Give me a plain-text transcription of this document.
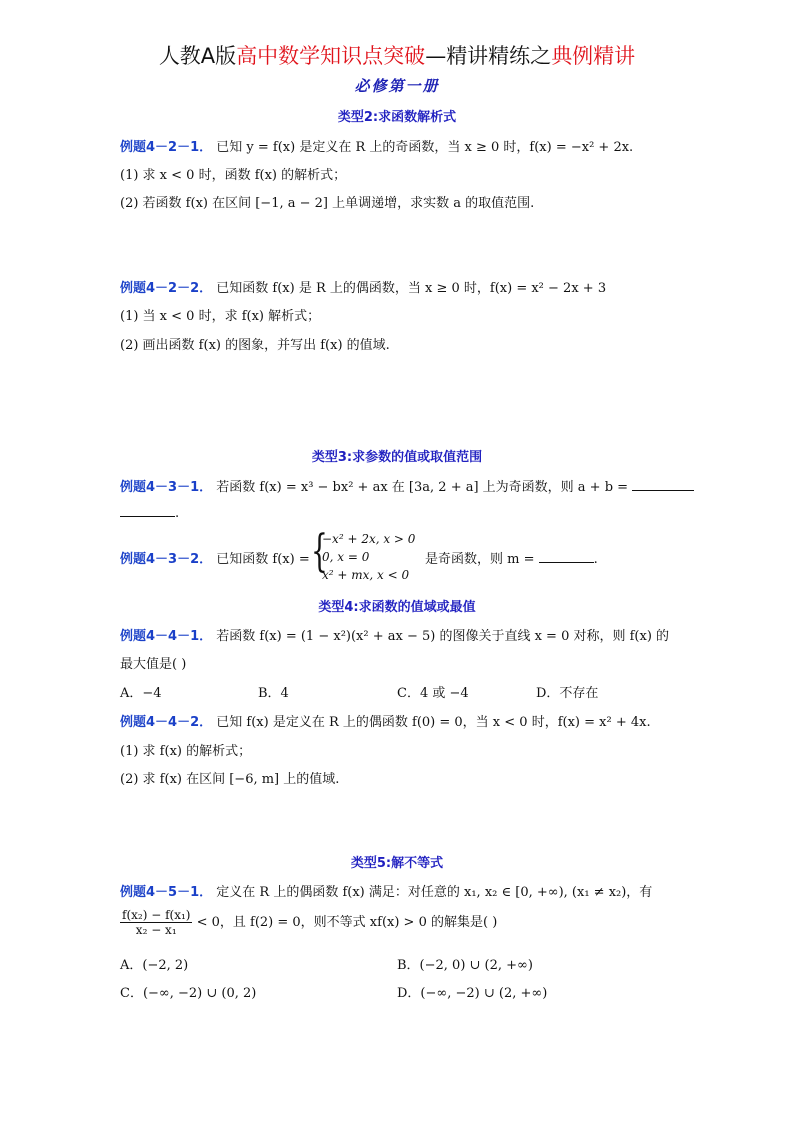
人教A版高中数学知识点突破—精讲精练之典例精讲
必修第一册
类型2:求函数解析式
例题4－2－1． 已知 y = f(x) 是定义在 R 上的奇函数，当 x ≥ 0 时，f(x) = −x² + 2x.
(1) 求 x < 0 时，函数 f(x) 的解析式；
(2) 若函数 f(x) 在区间 [−1, a − 2] 上单调递增，求实数 a 的取值范围.
例题4－2－2． 已知函数 f(x) 是 R 上的偶函数，当 x ≥ 0 时，f(x) = x² − 2x + 3
(1) 当 x < 0 时，求 f(x) 解析式；
(2) 画出函数 f(x) 的图象，并写出 f(x) 的值域.
类型3:求参数的值或取值范围
例题4－3－1． 若函数 f(x) = x³ − bx² + ax 在 [3a, 2 + a] 上为奇函数，则 a + b =
.
例题4－3－2． 已知函数 f(x) = {
−x² + 2x, x > 0
0, x = 0
x² + mx, x < 0
是奇函数，则 m =	.
类型4:求函数的值域或最值
例题4－4－1． 若函数 f(x) = (1 − x²)(x² + ax − 5) 的图像关于直线 x = 0 对称，则 f(x) 的
最大值是( )
A．−4	B．4	C．4 或 −4	D．不存在
例题4－4－2． 已知 f(x) 是定义在 R 上的偶函数 f(0) = 0，当 x < 0 时，f(x) = x² + 4x.
(1) 求 f(x) 的解析式；
(2) 求 f(x) 在区间 [−6, m] 上的值域.
类型5:解不等式
例题4－5－1． 定义在 R 上的偶函数 f(x) 满足：对任意的 x₁, x₂ ∈ [0, +∞), (x₁ ≠ x₂)，有
$\frac{\text{f(x₂) − f(x₁)}}{\text{x₂ − x₁}} < 0$，且 f(2) = 0，则不等式 xf(x) > 0 的解集是( )
A．(−2, 2)	B．(−2, 0) ∪ (2, +∞)
C．(−∞, −2) ∪ (0, 2)	D．(−∞, −2) ∪ (2, +∞)
